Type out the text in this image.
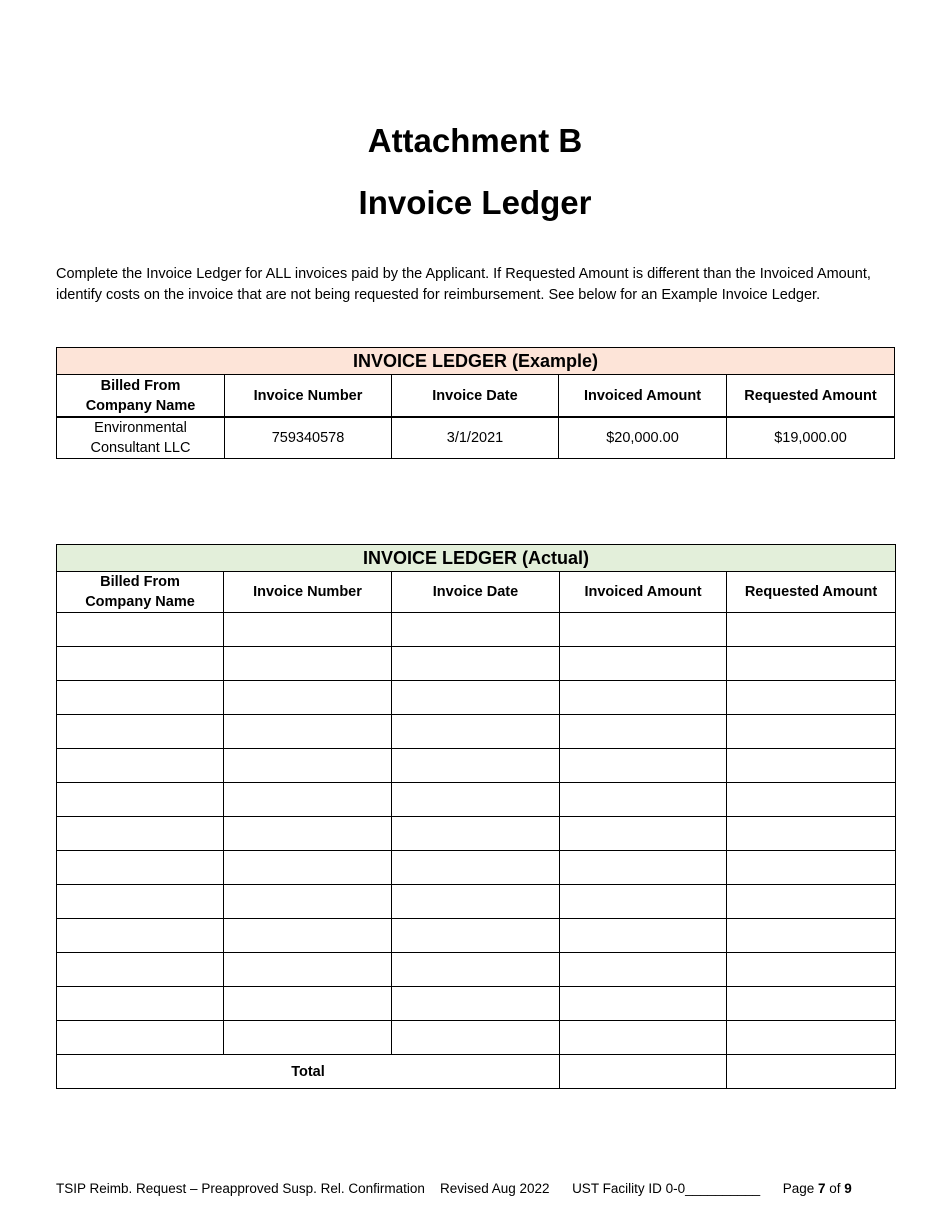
Attachment B
Invoice Ledger
Complete the Invoice Ledger for ALL invoices paid by the Applicant. If Requested Amount is different than the Invoiced Amount, identify costs on the invoice that are not being requested for reimbursement. See below for an Example Invoice Ledger.
INVOICE LEDGER (Example)				
Billed From
Company Name	Invoice Number	Invoice Date	Invoiced Amount	Requested Amount
Environmental
Consultant LLC	759340578	3/1/2021	$20,000.00	$19,000.00
INVOICE LEDGER (Actual)				
Billed From
Company Name	Invoice Number	Invoice Date	Invoiced Amount	Requested Amount

Total				
TSIP Reimb. Request – Preapproved Susp. Rel. Confirmation Revised Aug 2022 UST Facility ID 0-0__________ Page 7 of 9
